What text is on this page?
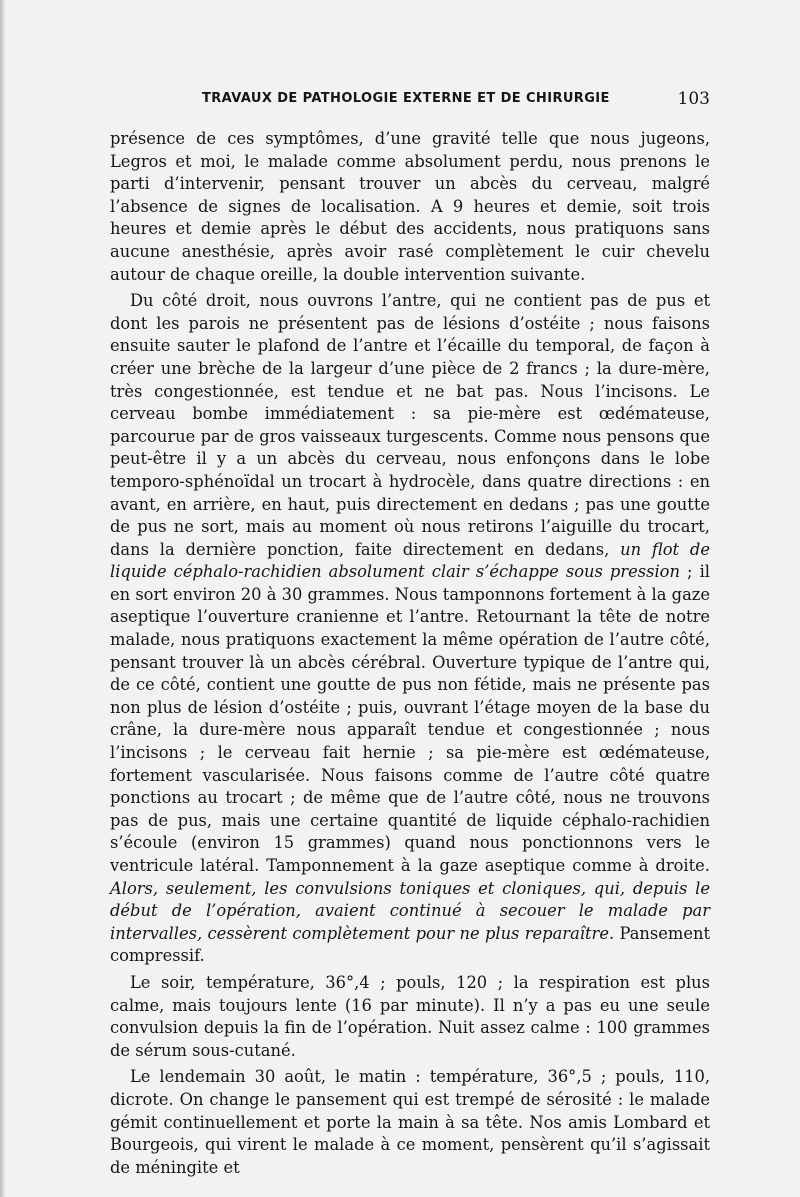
TRAVAUX DE PATHOLOGIE EXTERNE ET DE CHIRURGIE	103

présence de ces symptômes, d’une gravité telle que nous jugeons, Legros et moi, le malade comme absolument perdu, nous prenons le parti d’intervenir, pensant trouver un abcès du cerveau, malgré l’absence de signes de localisation. A 9 heures et demie, soit trois heures et demie après le début des accidents, nous pratiquons sans aucune anesthésie, après avoir rasé complètement le cuir chevelu autour de chaque oreille, la double intervention suivante.

Du côté droit, nous ouvrons l’antre, qui ne contient pas de pus et dont les parois ne présentent pas de lésions d’ostéite ; nous faisons ensuite sauter le plafond de l’antre et l’écaille du temporal, de façon à créer une brèche de la largeur d’une pièce de 2 francs ; la dure-mère, très congestionnée, est tendue et ne bat pas. Nous l’incisons. Le cerveau bombe immédiatement : sa pie-mère est œdémateuse, parcourue par de gros vaisseaux turgescents. Comme nous pensons que peut-être il y a un abcès du cerveau, nous enfonçons dans le lobe temporo-sphénoïdal un trocart à hydrocèle, dans quatre directions : en avant, en arrière, en haut, puis directement en dedans ; pas une goutte de pus ne sort, mais au moment où nous retirons l’aiguille du trocart, dans la dernière ponction, faite directement en dedans, un flot de liquide céphalo-rachidien absolument clair s’échappe sous pression ; il en sort environ 20 à 30 grammes. Nous tamponnons fortement à la gaze aseptique l’ouverture cranienne et l’antre. Retournant la tête de notre malade, nous pratiquons exactement la même opération de l’autre côté, pensant trouver là un abcès cérébral. Ouverture typique de l’antre qui, de ce côté, contient une goutte de pus non fétide, mais ne présente pas non plus de lésion d’ostéite ; puis, ouvrant l’étage moyen de la base du crâne, la dure-mère nous apparaît tendue et congestionnée ; nous l’incisons ; le cerveau fait hernie ; sa pie-mère est œdémateuse, fortement vascularisée. Nous faisons comme de l’autre côté quatre ponctions au trocart ; de même que de l’autre côté, nous ne trouvons pas de pus, mais une certaine quantité de liquide céphalo-rachidien s’écoule (environ 15 grammes) quand nous ponctionnons vers le ventricule latéral. Tamponnement à la gaze aseptique comme à droite. Alors, seulement, les convulsions toniques et cloniques, qui, depuis le début de l’opération, avaient continué à secouer le malade par intervalles, cessèrent complètement pour ne plus reparaître. Pansement compressif.

Le soir, température, 36°,4 ; pouls, 120 ; la respiration est plus calme, mais toujours lente (16 par minute). Il n’y a pas eu une seule convulsion depuis la fin de l’opération. Nuit assez calme : 100 grammes de sérum sous-cutané.

Le lendemain 30 août, le matin : température, 36°,5 ; pouls, 110, dicrote. On change le pansement qui est trempé de sérosité : le malade gémit continuellement et porte la main à sa tête. Nos amis Lombard et Bourgeois, qui virent le malade à ce moment, pensèrent qu’il s’agissait de méningite et
